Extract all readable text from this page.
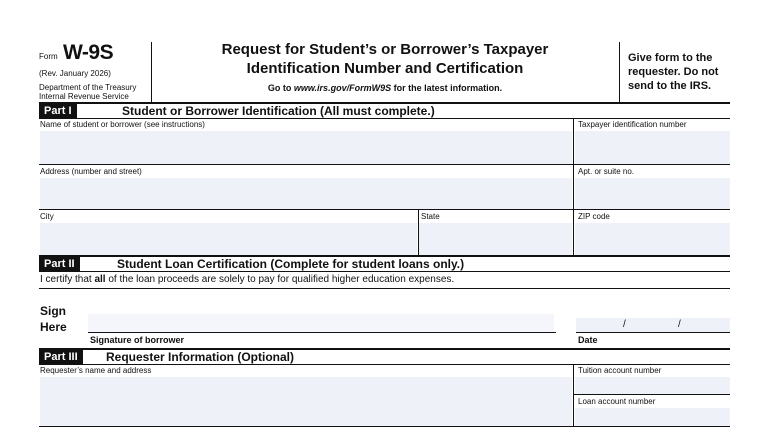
Form W-9S
(Rev. January 2026)
Department of the Treasury
Internal Revenue Service
Request for Student’s or Borrower’s Taxpayer
Identification Number and Certification
Go to www.irs.gov/FormW9S for the latest information.
Give form to the
requester. Do not
send to the IRS.
Part I	Student or Borrower Identification (All must complete.)
Name of student or borrower (see instructions)	Taxpayer identification number
Address (number and street)	Apt. or suite no.
City	State	ZIP code
Part II	Student Loan Certification (Complete for student loans only.)
I certify that all of the loan proceeds are solely to pay for qualified higher education expenses.
Sign
Here
Signature of borrower
/	/
Date
Part III	Requester Information (Optional)
Requester’s name and address	Tuition account number
Loan account number
